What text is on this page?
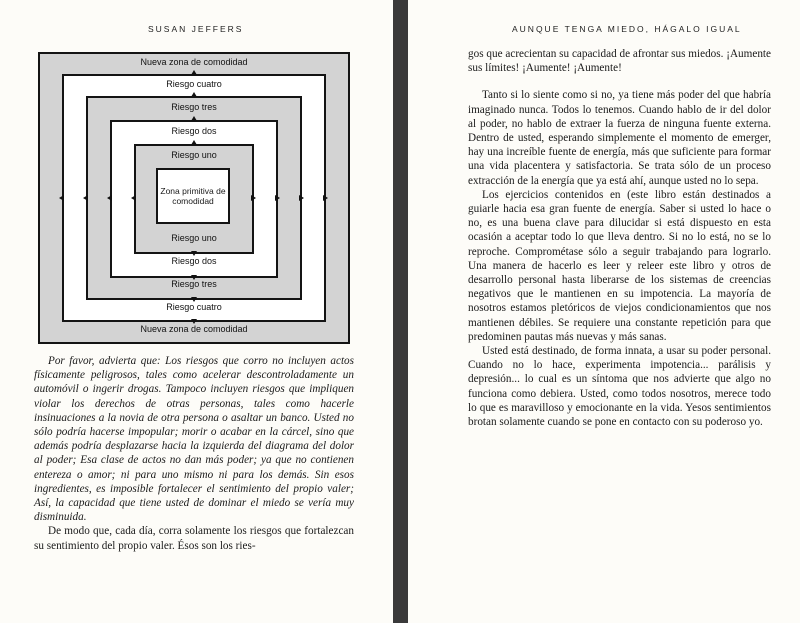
SUSAN JEFFERS
Nueva zona de comodidad
Nueva zona de comodidad
Riesgo cuatro
Riesgo cuatro
Riesgo tres
Riesgo tres
Riesgo dos
Riesgo dos
Riesgo uno
Riesgo uno
Zona primitiva de comodidad

Por favor, advierta que: Los riesgos que corro no incluyen actos físicamente peligrosos, tales como acelerar descontroladamente un automóvil o ingerir drogas. Tampoco incluyen riesgos que impliquen violar los derechos de otras personas, tales como hacerle insinuaciones a la novia de otra persona o asaltar un banco. Usted no sólo podría hacerse impopular; morir o acabar en la cárcel, sino que además podría desplazarse hacia la izquierda del diagrama del dolor al poder; Esa clase de actos no dan más poder; ya que no contienen entereza o amor; ni para uno mismo ni para los demás. Sin esos ingredientes, es imposible fortalecer el sentimiento del propio valer; Así, la capacidad que tiene usted de dominar el miedo se vería muy disminuida.

De modo que, cada día, corra solamente los riesgos que fortalezcan su sentimiento del propio valer. Ésos son los ries-

AUNQUE TENGA MIEDO, HÁGALO IGUAL

gos que acrecientan su capacidad de afrontar sus miedos. ¡Aumente sus límites! ¡Aumente! ¡Aumente!

Tanto si lo siente como si no, ya tiene más poder del que habría imaginado nunca. Todos lo tenemos. Cuando hablo de ir del dolor al poder, no hablo de extraer la fuerza de ninguna fuente externa. Dentro de usted, esperando simplemente el momento de emerger, hay una increíble fuente de energía, más que suficiente para formar una vida placentera y satisfactoria. Se trata sólo de un proceso extracción de la energía que ya está ahí, aunque usted no lo sepa.

Los ejercicios contenidos en (este libro están destinados a guiarle hacia esa gran fuente de energía. Saber si usted lo hace o no, es una buena clave para dilucidar si está dispuesto en esta ocasión a aceptar todo lo que lleva dentro. Si no lo está, no se lo reproche. Comprométase sólo a seguir trabajando para lograrlo. Una manera de hacerlo es leer y releer este libro y otros de desarrollo personal hasta liberarse de los sistemas de creencias negativos que le mantienen en su impotencia. La mayoría de nosotros estamos pletóricos de viejos condicionamientos que nos mantienen débiles. Se requiere una constante repetición para que predominen pautas más nuevas y más sanas.

Usted está destinado, de forma innata, a usar su poder personal. Cuando no lo hace, experimenta impotencia... parálisis y depresión... lo cual es un síntoma que nos advierte que algo no funciona como debiera. Usted, como todos nosotros, merece todo lo que es maravilloso y emocionante en la vida. Yesos sentimientos brotan solamente cuando se pone en contacto con su poderoso yo.
